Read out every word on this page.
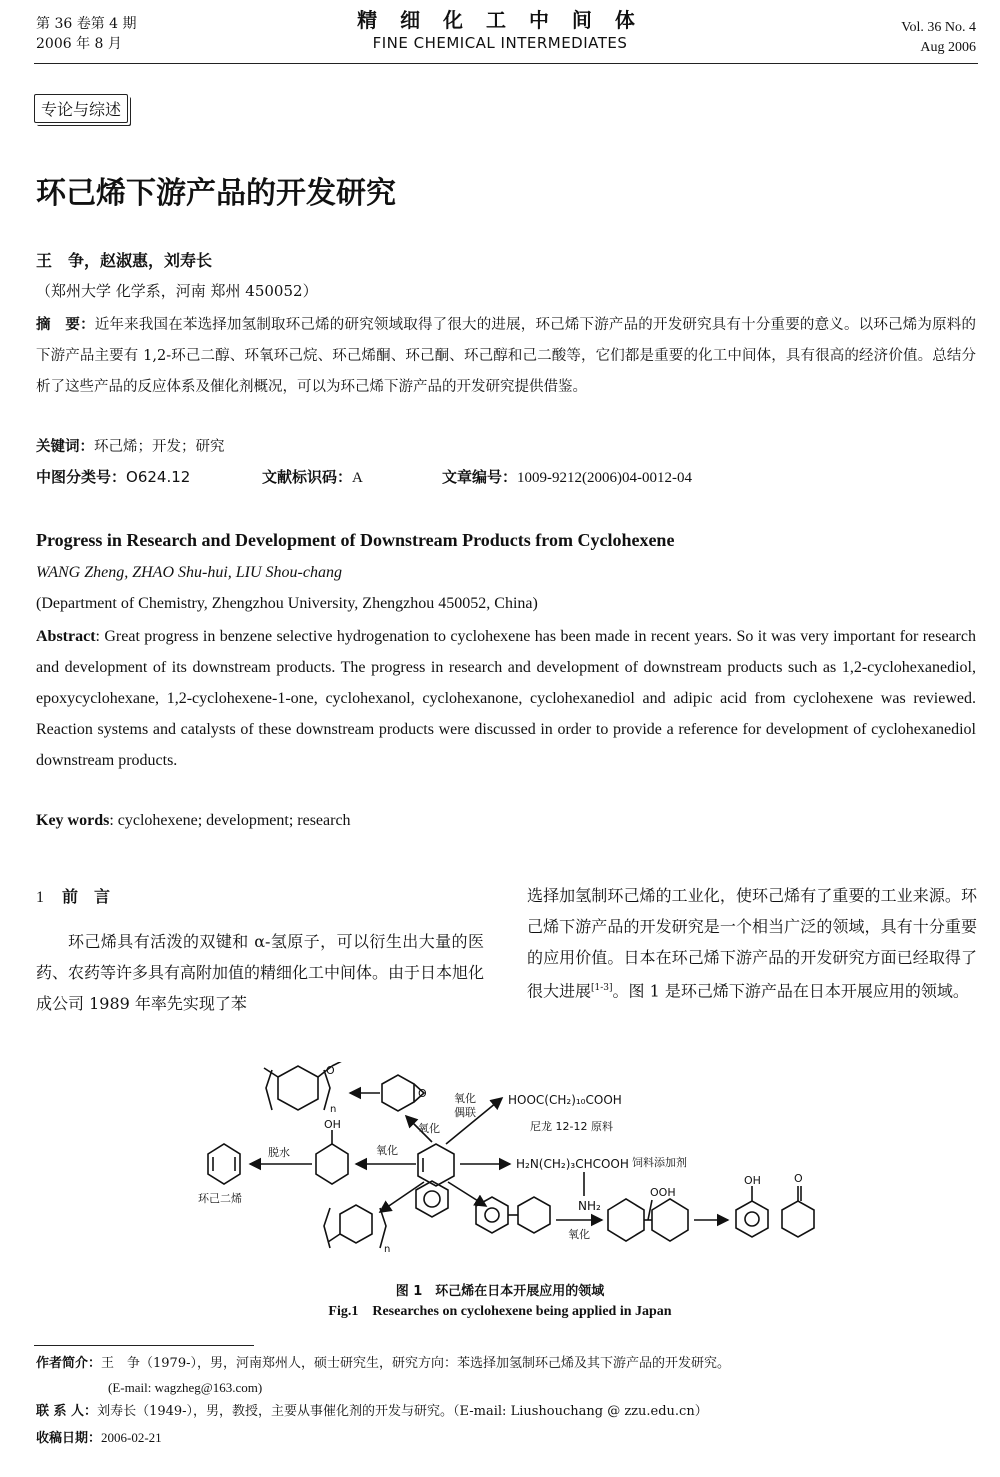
第 36 卷第 4 期
2006 年 8 月
精 细 化 工 中 间 体
FINE CHEMICAL INTERMEDIATES
Vol. 36 No. 4
Aug 2006
专论与综述
环己烯下游产品的开发研究
王　争，赵淑惠，刘寿长
（郑州大学 化学系，河南 郑州 450052）
摘　要：近年来我国在苯选择加氢制取环己烯的研究领域取得了很大的进展，环己烯下游产品的开发研究具有十分重要的意义。以环己烯为原料的下游产品主要有 1,2-环己二醇、环氧环己烷、环己烯酮、环己酮、环己醇和己二酸等，它们都是重要的化工中间体，具有很高的经济价值。总结分析了这些产品的反应体系及催化剂概况，可以为环己烯下游产品的开发研究提供借鉴。
关键词：环己烯；开发；研究
中图分类号：O624.12	文献标识码：A	文章编号：1009-9212(2006)04-0012-04
Progress in Research and Development of Downstream Products from Cyclohexene
WANG Zheng, ZHAO Shu-hui, LIU Shou-chang
(Department of Chemistry, Zhengzhou University, Zhengzhou 450052, China)
Abstract: Great progress in benzene selective hydrogenation to cyclohexene has been made in recent years. So it was very important for research and development of its downstream products. The progress in research and development of downstream products such as 1,2-cyclohexanediol, epoxycyclohexane, 1,2-cyclohexene-1-one, cyclohexanol, cyclohexanone, cyclohexanediol and adipic acid from cyclohexene was reviewed. Reaction systems and catalysts of these downstream products were discussed in order to provide a reference for development of cyclohexanediol downstream products.
Key words: cyclohexene; development; research
1 前　言
环己烯具有活泼的双键和 α-氢原子，可以衍生出大量的医药、农药等许多具有高附加值的精细化工中间体。由于日本旭化成公司 1989 年率先实现了苯
选择加氢制环己烯的工业化，使环己烯有了重要的工业来源。环己烯下游产品的开发研究是一个相当广泛的领域，具有十分重要的应用价值。日本在环己烯下游产品的开发研究方面已经取得了很大进展[1-3]。图 1 是环己烯下游产品在日本开展应用的领域。
O
n
O
氧化
氧化
偶联
HOOC(CH₂)₁₀COOH
尼龙 12-12 原料
H₂N(CH₂)₃CHCOOH 饲料添加剂
NH₂
OH
氧化
脱水
环己二烯
n
氧化
OOH
OH	O
图 1　环己烯在日本开展应用的领域
Fig.1　Researches on cyclohexene being applied in Japan
作者简介：王　争（1979-），男，河南郑州人，硕士研究生，研究方向：苯选择加氢制环己烯及其下游产品的开发研究。
(E-mail: wagzheg@163.com)
联 系 人：刘寿长（1949-），男，教授，主要从事催化剂的开发与研究。（E-mail: Liushouchang @ zzu.edu.cn）
收稿日期：2006-02-21
